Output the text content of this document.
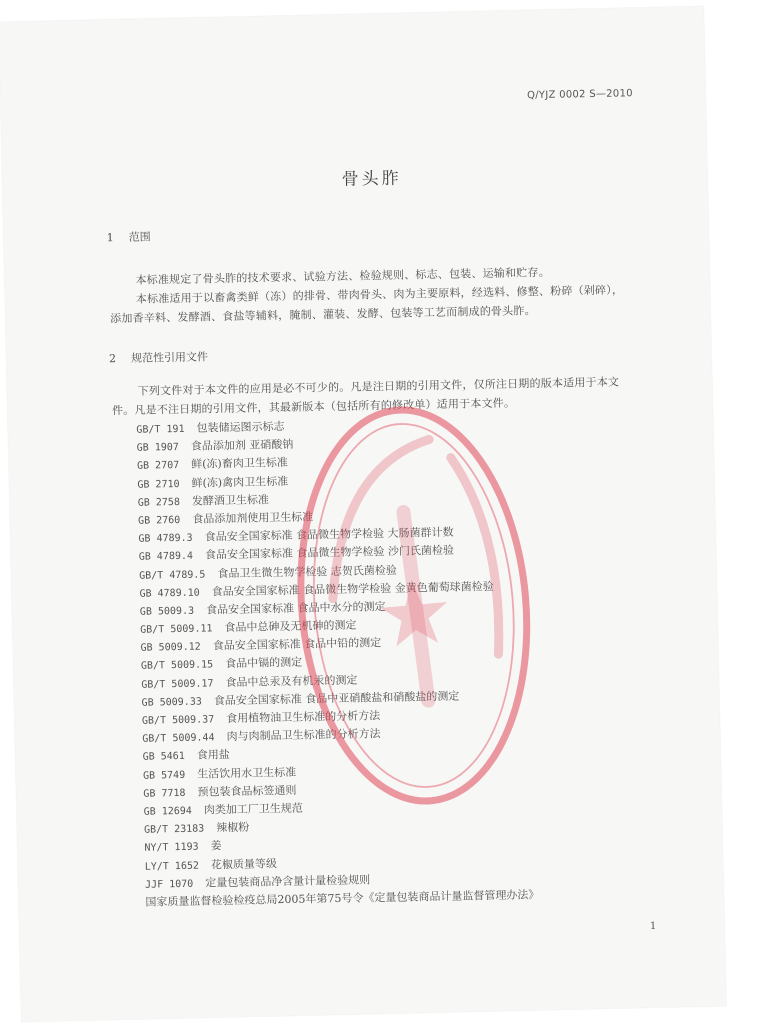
Q/YJZ 0002 S—2010
骨头胙
1 范围
本标准规定了骨头胙的技术要求、试验方法、检验规则、标志、包装、运输和贮存。
本标准适用于以畜禽类鲜（冻）的排骨、带肉骨头、肉为主要原料，经选料、修整、粉碎（剁碎），
添加香辛料、发酵酒、食盐等辅料，腌制、灌装、发酵、包装等工艺而制成的骨头胙。
2 规范性引用文件
下列文件对于本文件的应用是必不可少的。凡是注日期的引用文件，仅所注日期的版本适用于本文
件。凡是不注日期的引用文件，其最新版本（包括所有的修改单）适用于本文件。
GB/T 191 包装储运图示标志
GB 1907 食品添加剂 亚硝酸钠
GB 2707 鲜(冻)畜肉卫生标准
GB 2710 鲜(冻)禽肉卫生标准
GB 2758 发酵酒卫生标准
GB 2760 食品添加剂使用卫生标准
GB 4789.3 食品安全国家标准 食品微生物学检验 大肠菌群计数
GB 4789.4 食品安全国家标准 食品微生物学检验 沙门氏菌检验
GB/T 4789.5 食品卫生微生物学检验 志贺氏菌检验
GB 4789.10 食品安全国家标准 食品微生物学检验 金黄色葡萄球菌检验
GB 5009.3 食品安全国家标准 食品中水分的测定
GB/T 5009.11 食品中总砷及无机砷的测定
GB 5009.12 食品安全国家标准 食品中铅的测定
GB/T 5009.15 食品中镉的测定
GB/T 5009.17 食品中总汞及有机汞的测定
GB 5009.33 食品安全国家标准 食品中亚硝酸盐和硝酸盐的测定
GB/T 5009.37 食用植物油卫生标准的分析方法
GB/T 5009.44 肉与肉制品卫生标准的分析方法
GB 5461 食用盐
GB 5749 生活饮用水卫生标准
GB 7718 预包装食品标签通则
GB 12694 肉类加工厂卫生规范
GB/T 23183 辣椒粉
NY/T 1193 姜
LY/T 1652 花椒质量等级
JJF 1070 定量包装商品净含量计量检验规则
国家质量监督检验检疫总局2005年第75号令《定量包装商品计量监督管理办法》
1
